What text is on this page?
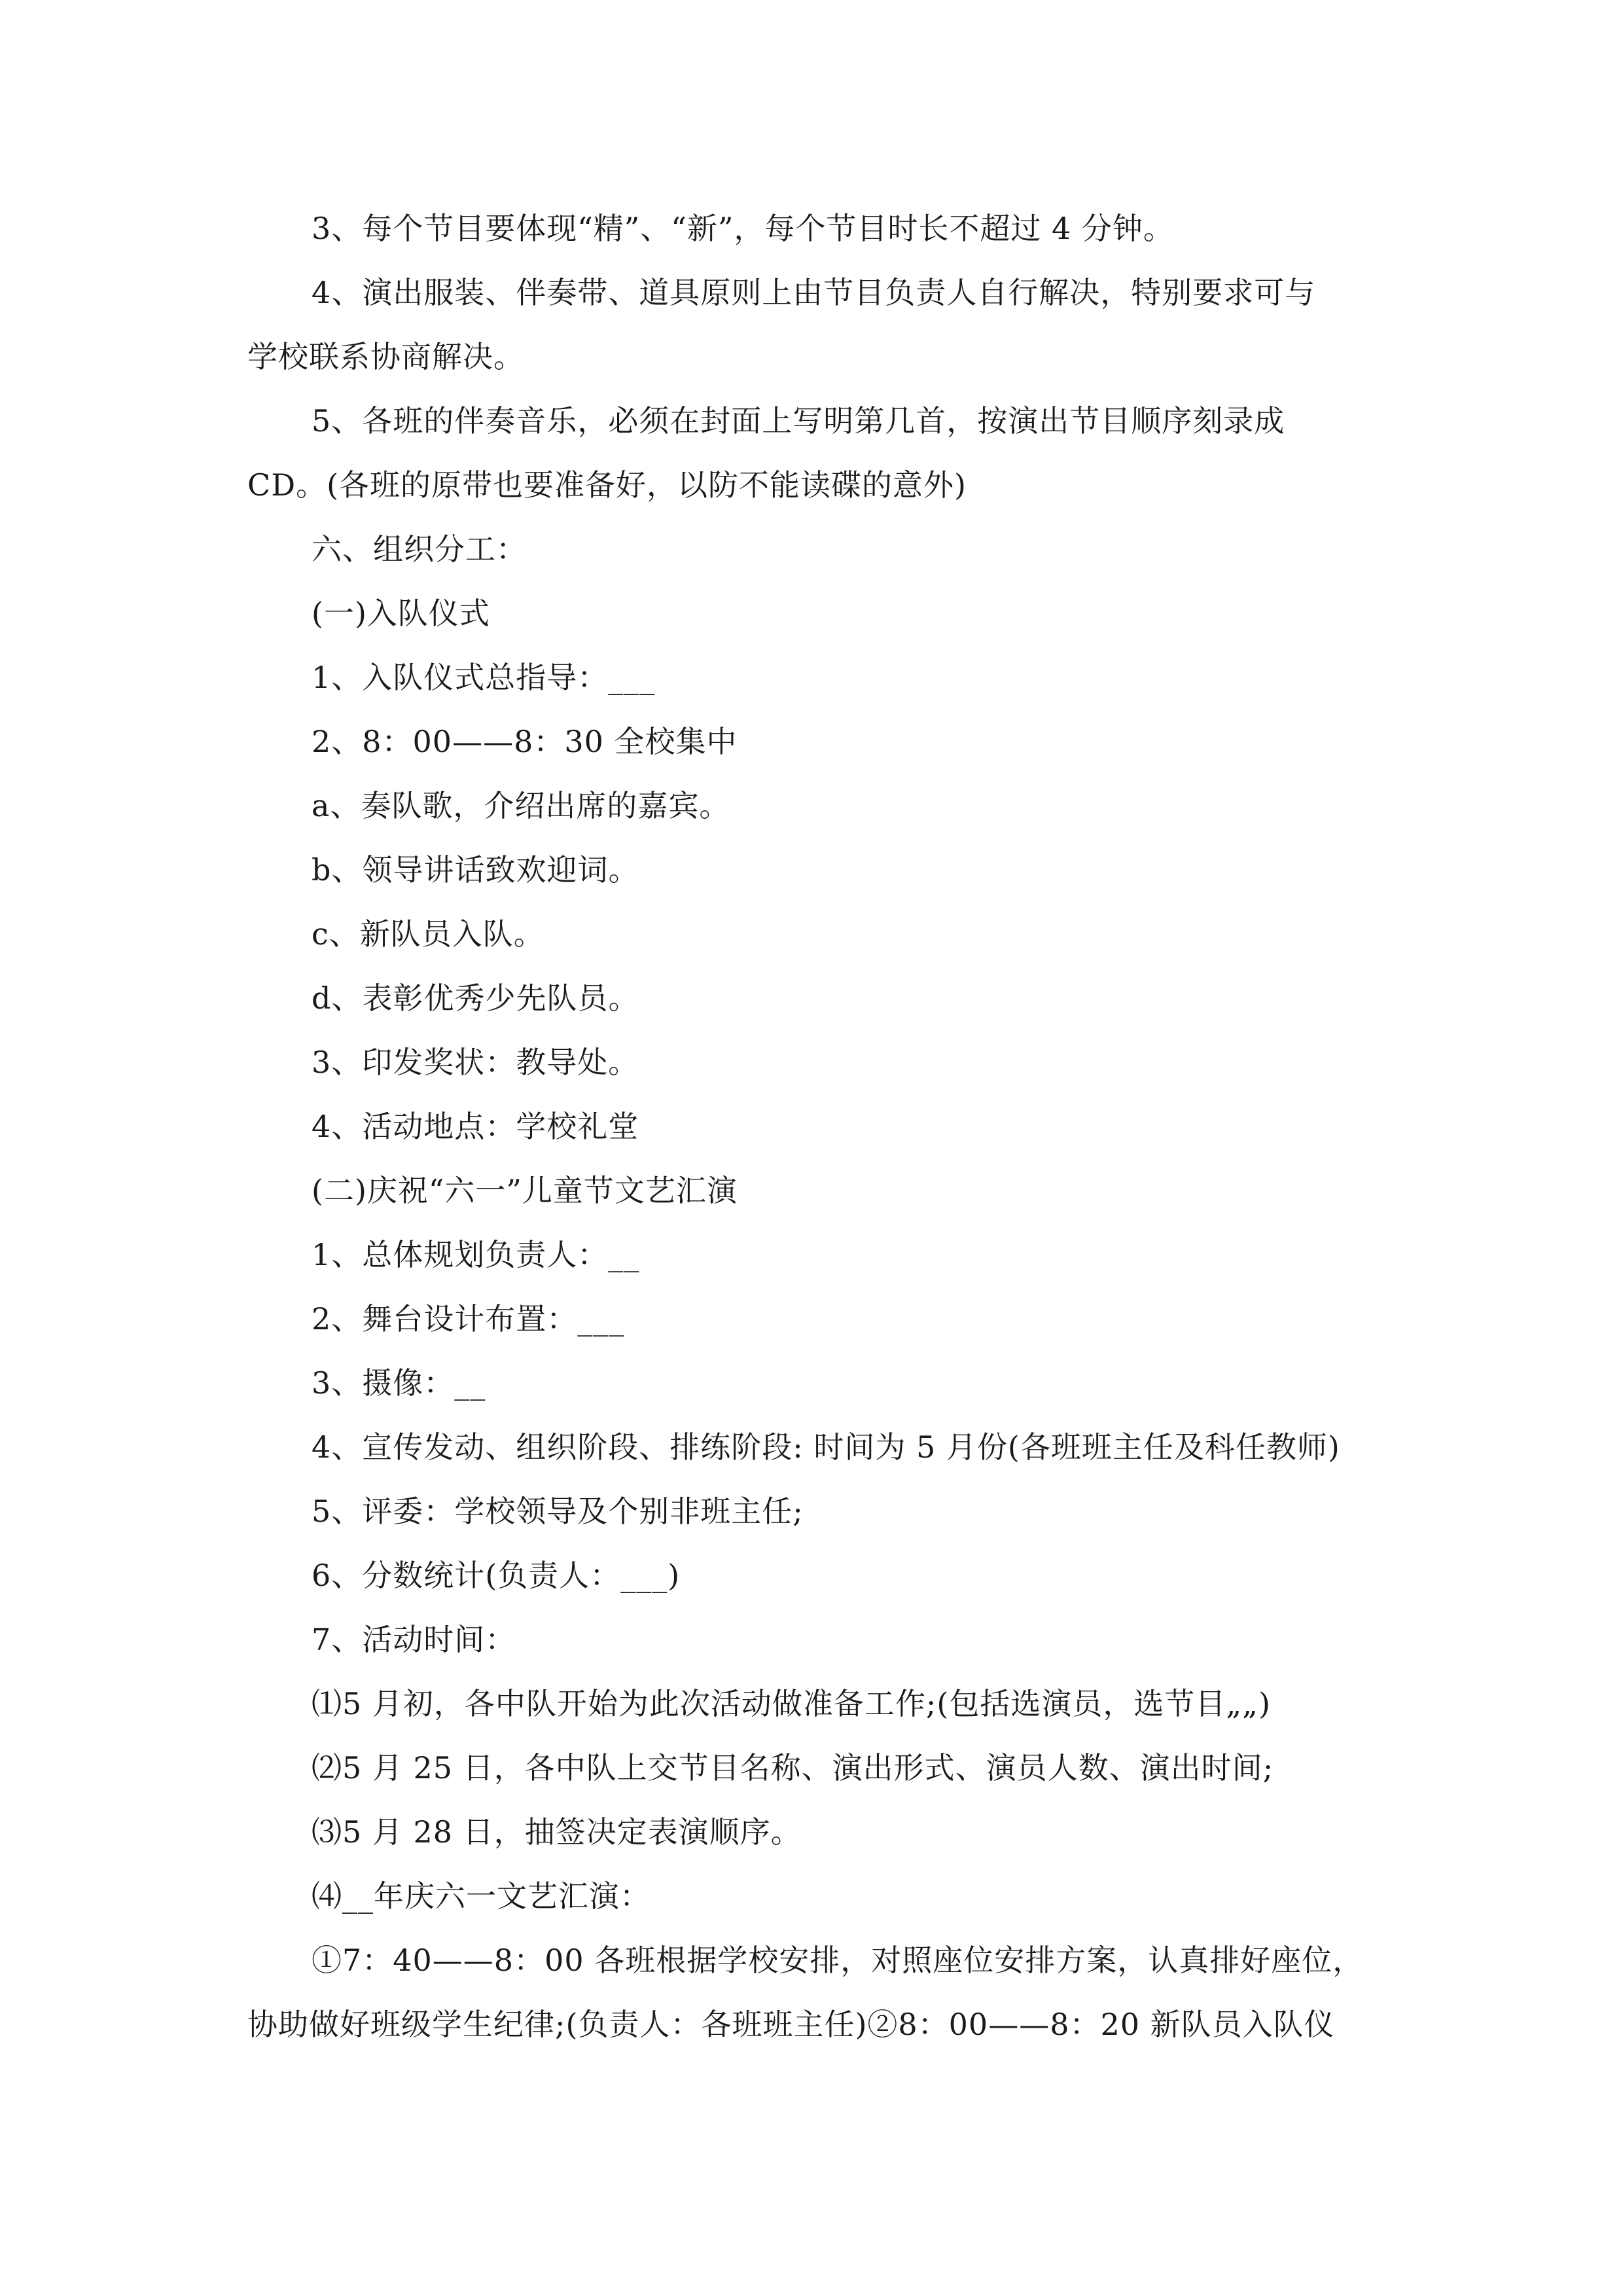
3、每个节目要体现“精”、“新”，每个节目时长不超过 4 分钟。
4、演出服装、伴奏带、道具原则上由节目负责人自行解决，特别要求可与
学校联系协商解决。
5、各班的伴奏音乐，必须在封面上写明第几首，按演出节目顺序刻录成
CD。(各班的原带也要准备好，以防不能读碟的意外)
六、组织分工：
(一)入队仪式
1、入队仪式总指导：___
2、8：00——8：30 全校集中
a、奏队歌，介绍出席的嘉宾。
b、领导讲话致欢迎词。
c、新队员入队。
d、表彰优秀少先队员。
3、印发奖状：教导处。
4、活动地点：学校礼堂
(二)庆祝“六一”儿童节文艺汇演
1、总体规划负责人：__
2、舞台设计布置：___
3、摄像：__
4、宣传发动、组织阶段、排练阶段: 时间为 5 月份(各班班主任及科任教师)
5、评委：学校领导及个别非班主任;
6、分数统计(负责人：___)
7、活动时间：
⑴5 月初，各中队开始为此次活动做准备工作;(包括选演员，选节目„„)
⑵5 月 25 日，各中队上交节目名称、演出形式、演员人数、演出时间;
⑶5 月 28 日，抽签决定表演顺序。
⑷__年庆六一文艺汇演：
①7：40——8：00 各班根据学校安排，对照座位安排方案，认真排好座位，
协助做好班级学生纪律;(负责人：各班班主任)②8：00——8：20 新队员入队仪
